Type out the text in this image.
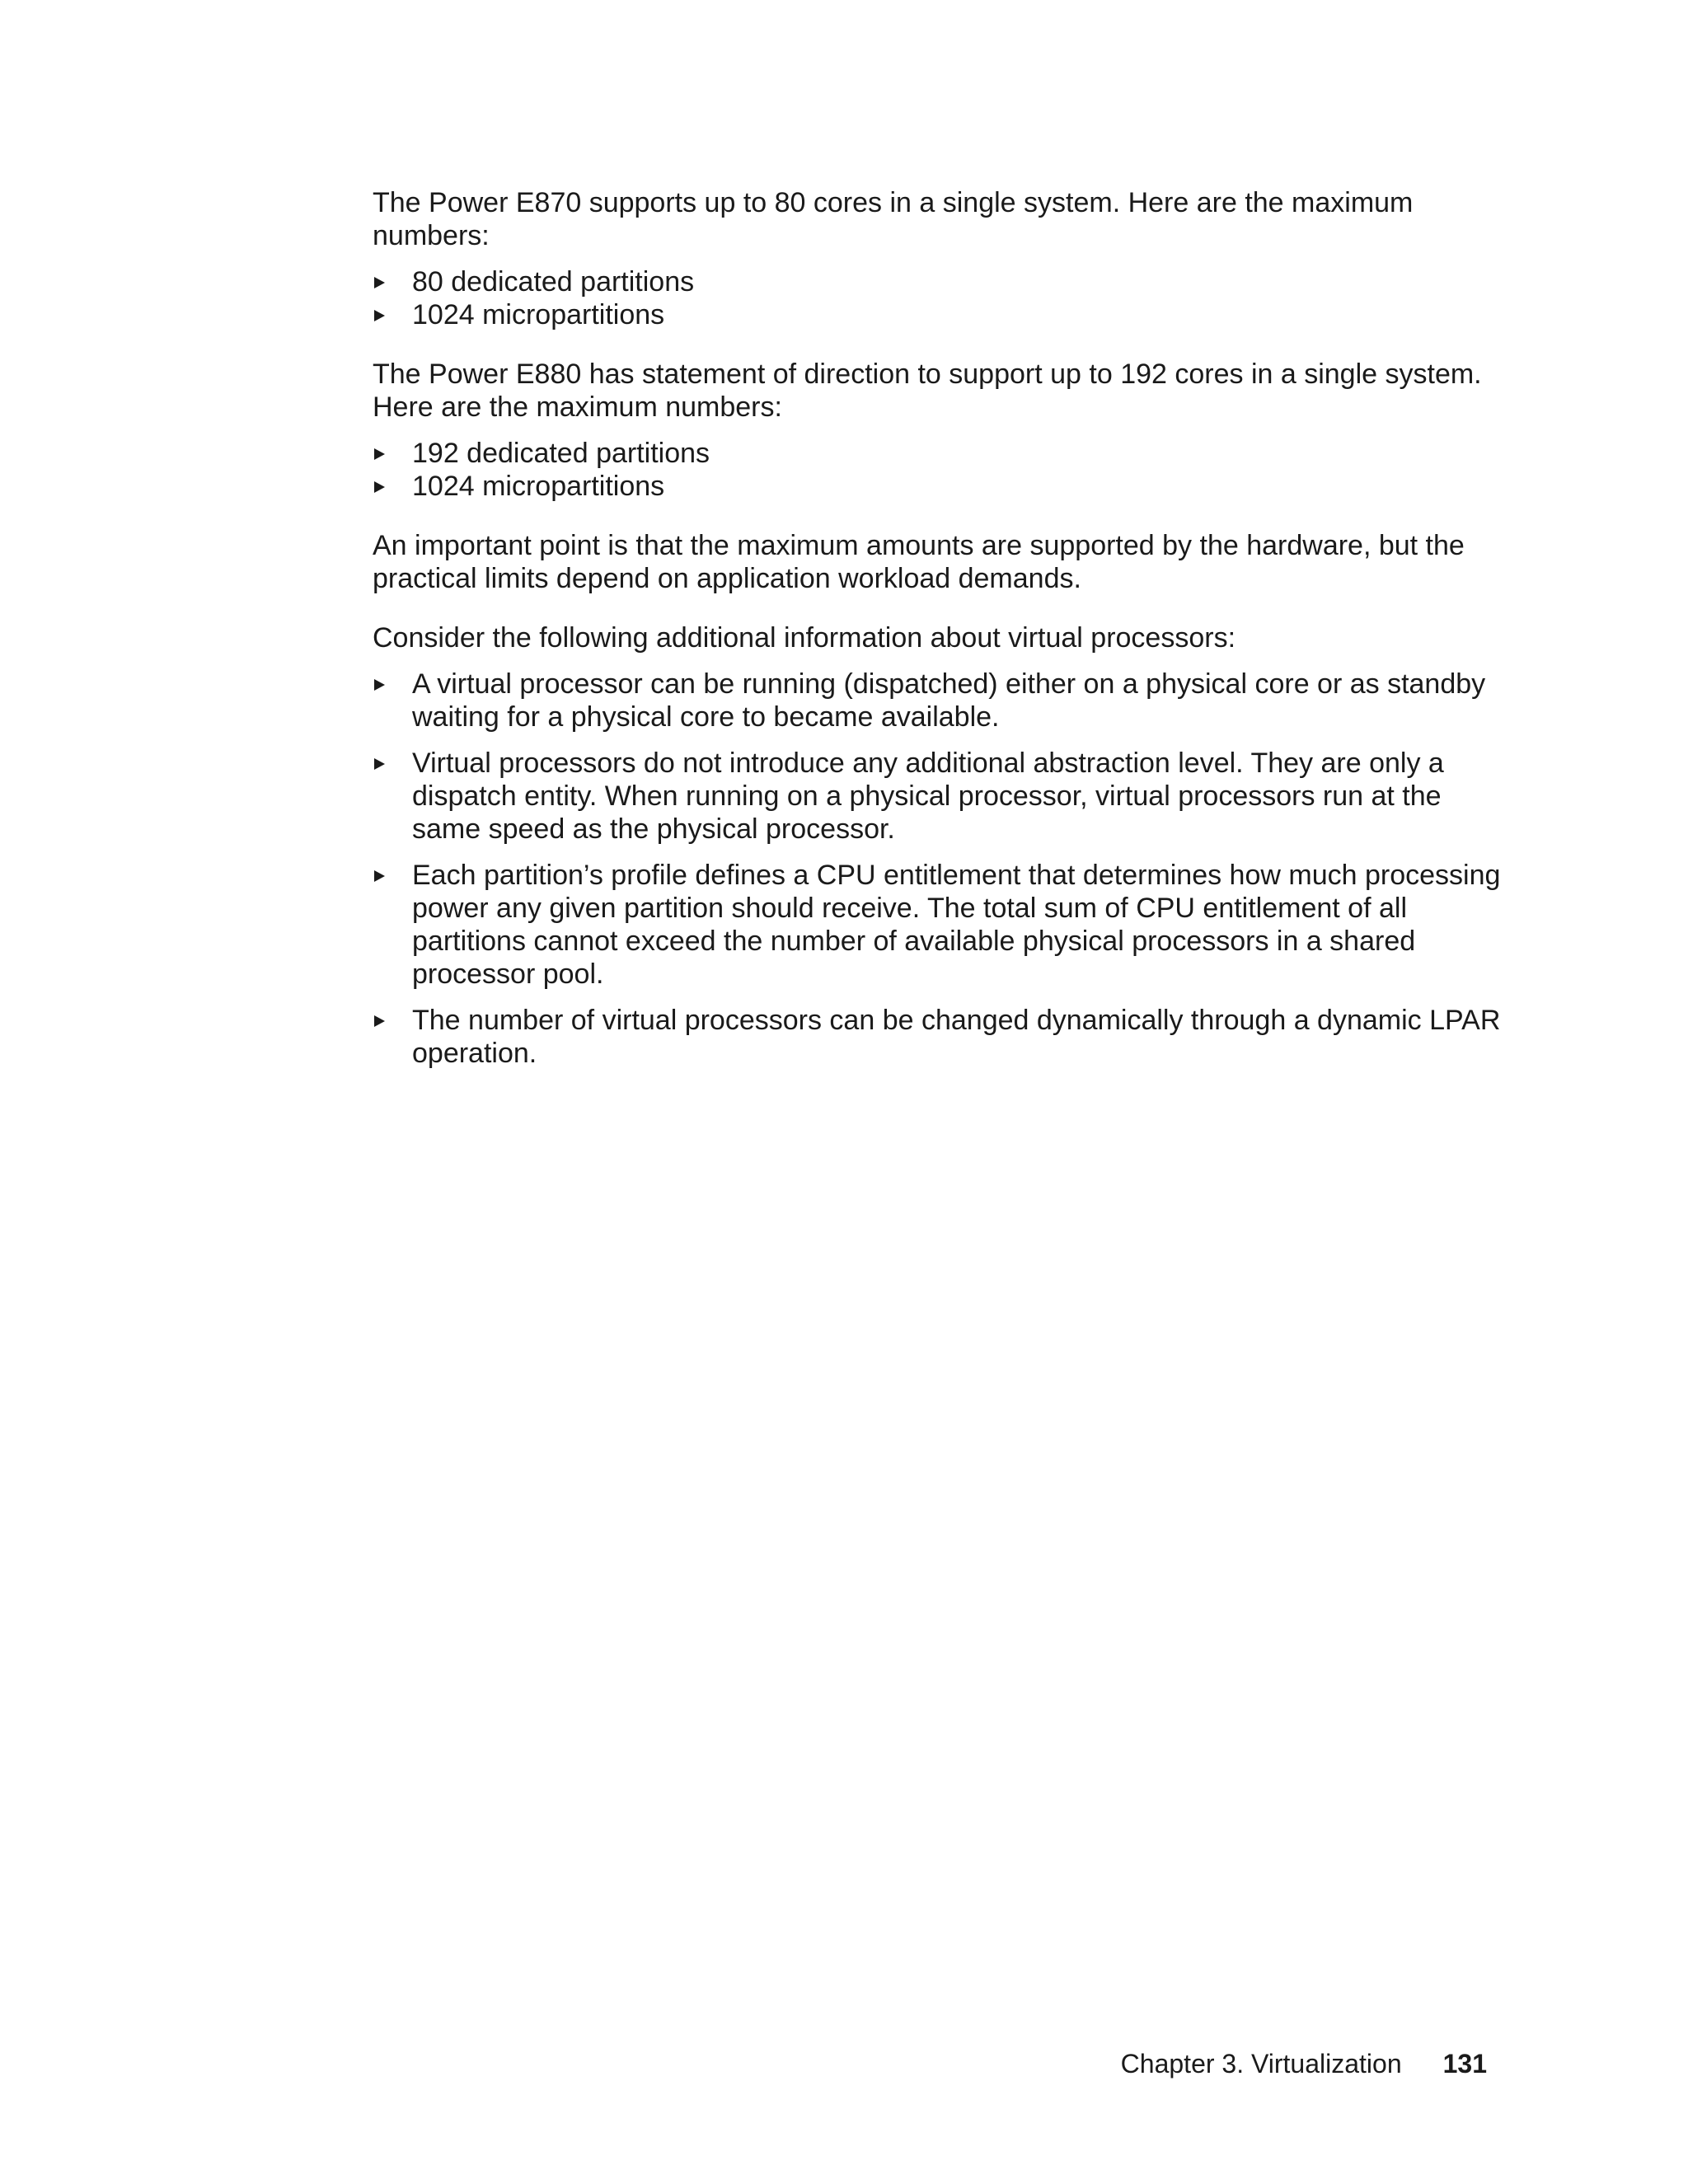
The Power E870 supports up to 80 cores in a single system. Here are the maximum numbers:

80 dedicated partitions
1024 micropartitions

The Power E880 has statement of direction to support up to 192 cores in a single system. Here are the maximum numbers:

192 dedicated partitions
1024 micropartitions

An important point is that the maximum amounts are supported by the hardware, but the practical limits depend on application workload demands.

Consider the following additional information about virtual processors:

A virtual processor can be running (dispatched) either on a physical core or as standby waiting for a physical core to became available.
Virtual processors do not introduce any additional abstraction level. They are only a dispatch entity. When running on a physical processor, virtual processors run at the same speed as the physical processor.
Each partition’s profile defines a CPU entitlement that determines how much processing power any given partition should receive. The total sum of CPU entitlement of all partitions cannot exceed the number of available physical processors in a shared processor pool.
The number of virtual processors can be changed dynamically through a dynamic LPAR operation.
Chapter 3. Virtualization 131
